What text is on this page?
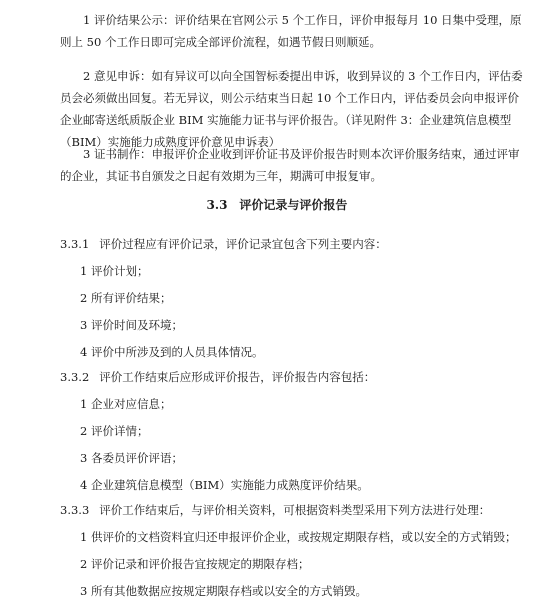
1 评价结果公示：评价结果在官网公示 5 个工作日，评价申报每月 10 日集中受理，原则上 50 个工作日即可完成全部评价流程，如遇节假日则顺延。

2 意见申诉：如有异议可以向全国智标委提出申诉，收到异议的 3 个工作日内，评估委员会必须做出回复。若无异议，则公示结束当日起 10 个工作日内，评估委员会向申报评价企业邮寄送纸质版企业 BIM 实施能力证书与评价报告。（详见附件 3：企业建筑信息模型（BIM）实施能力成熟度评价意见申诉表）

3 证书制作：申报评价企业收到评价证书及评价报告时则本次评价服务结束，通过评审的企业，其证书自颁发之日起有效期为三年，期满可申报复审。

3.3　评价记录与评价报告

3.3.1 评价过程应有评价记录，评价记录宜包含下列主要内容：

1 评价计划；

2 所有评价结果；

3 评价时间及环境；

4 评价中所涉及到的人员具体情况。

3.3.2 评价工作结束后应形成评价报告，评价报告内容包括：

1 企业对应信息；

2 评价详情；

3 各委员评价评语；

4 企业建筑信息模型（BIM）实施能力成熟度评价结果。

3.3.3 评价工作结束后，与评价相关资料，可根据资料类型采用下列方法进行处理：

1 供评价的文档资料宜归还申报评价企业，或按规定期限存档，或以安全的方式销毁；

2 评价记录和评价报告宜按规定的期限存档；

3 所有其他数据应按规定期限存档或以安全的方式销毁。
